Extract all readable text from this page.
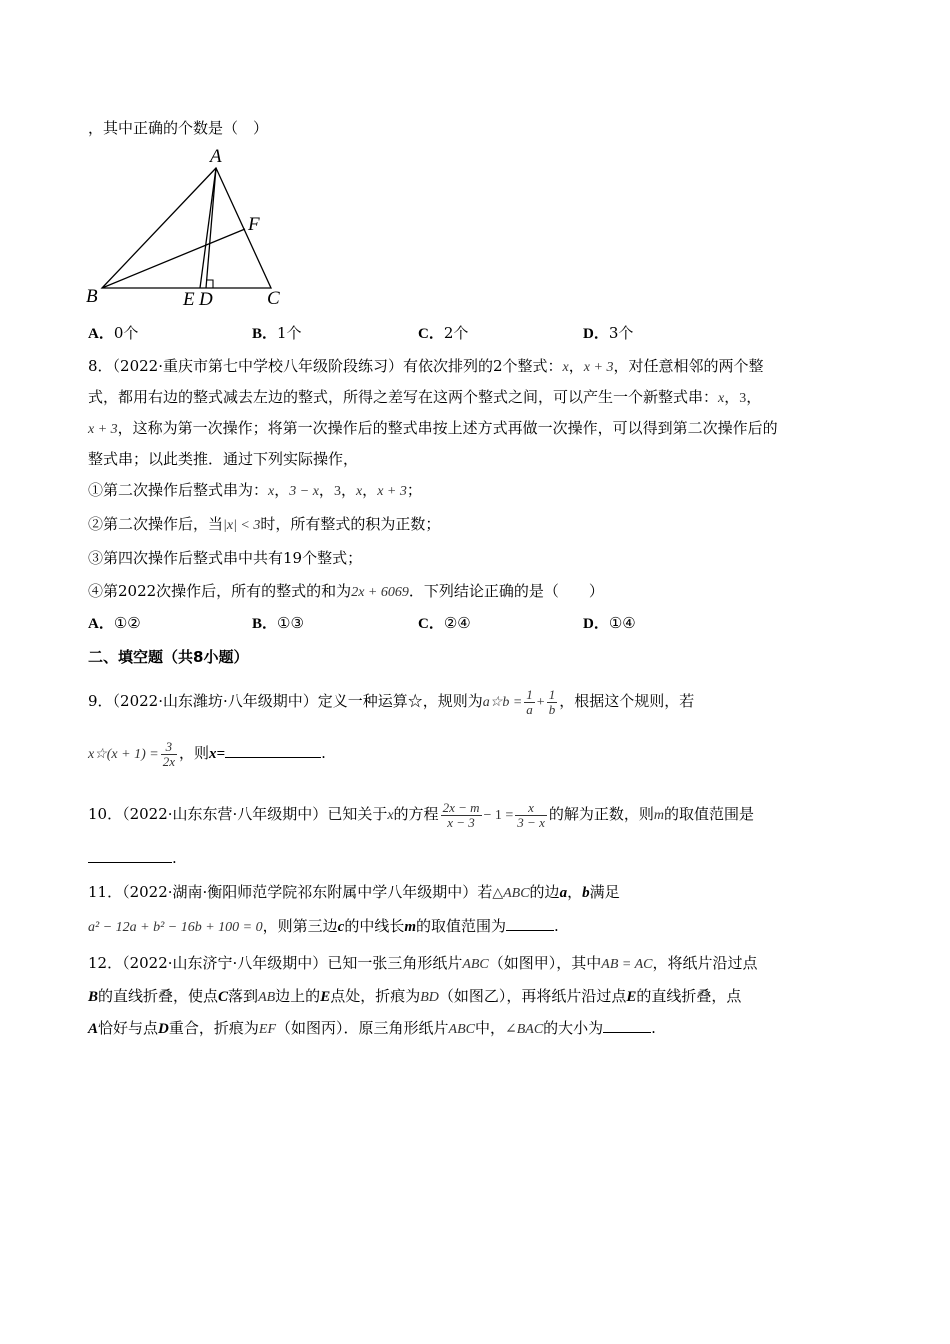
，其中正确的个数是（　）
A
B	C
D
E
F
A．0个	B．1个	C．2个	D．3个
8．（2022·重庆市第七中学校八年级阶段练习）有依次排列的2个整式：x，x + 3，对任意相邻的两个整
式，都用右边的整式减去左边的整式，所得之差写在这两个整式之间，可以产生一个新整式串：x，3，
x + 3，这称为第一次操作；将第一次操作后的整式串按上述方式再做一次操作，可以得到第二次操作后的
整式串；以此类推．通过下列实际操作，
①第二次操作后整式串为：x，3 − x，3，x，x + 3；
②第二次操作后，当|x| < 3时，所有整式的积为正数；
③第四次操作后整式串中共有19个整式；
④第2022次操作后，所有的整式的和为2x + 6069．下列结论正确的是（　　）
A．①②	B．①③	C．②④	D．①④
二、填空题（共8小题）
9．（2022·山东潍坊·八年级期中）定义一种运算☆，规则为a☆b = $\frac{1}{a} + \frac{1}{b}$ ，根据这个规则，若
x☆(x + $1) = \frac{3}{2x}$ ，则x=	.
10．（2022·山东东营·八年级期中）已知关于x的方程 $\frac{2x - m}{x - 3} - 1 = \frac{x}{3 - x}$ 的解为正数，则m的取值范围是
.
11．（2022·湖南·衡阳师范学院祁东附属中学八年级期中）若△ABC的边a，b满足
a² − 12a + b² − 16b + 100 = 0，则第三边c的中线长m的取值范围为	.
12．（2022·山东济宁·八年级期中）已知一张三角形纸片ABC（如图甲），其中AB = AC，将纸片沿过点
B的直线折叠，使点C落到AB边上的E点处，折痕为BD（如图乙），再将纸片沿过点E的直线折叠，点
A恰好与点D重合，折痕为EF（如图丙）．原三角形纸片ABC中，∠BAC的大小为	.
